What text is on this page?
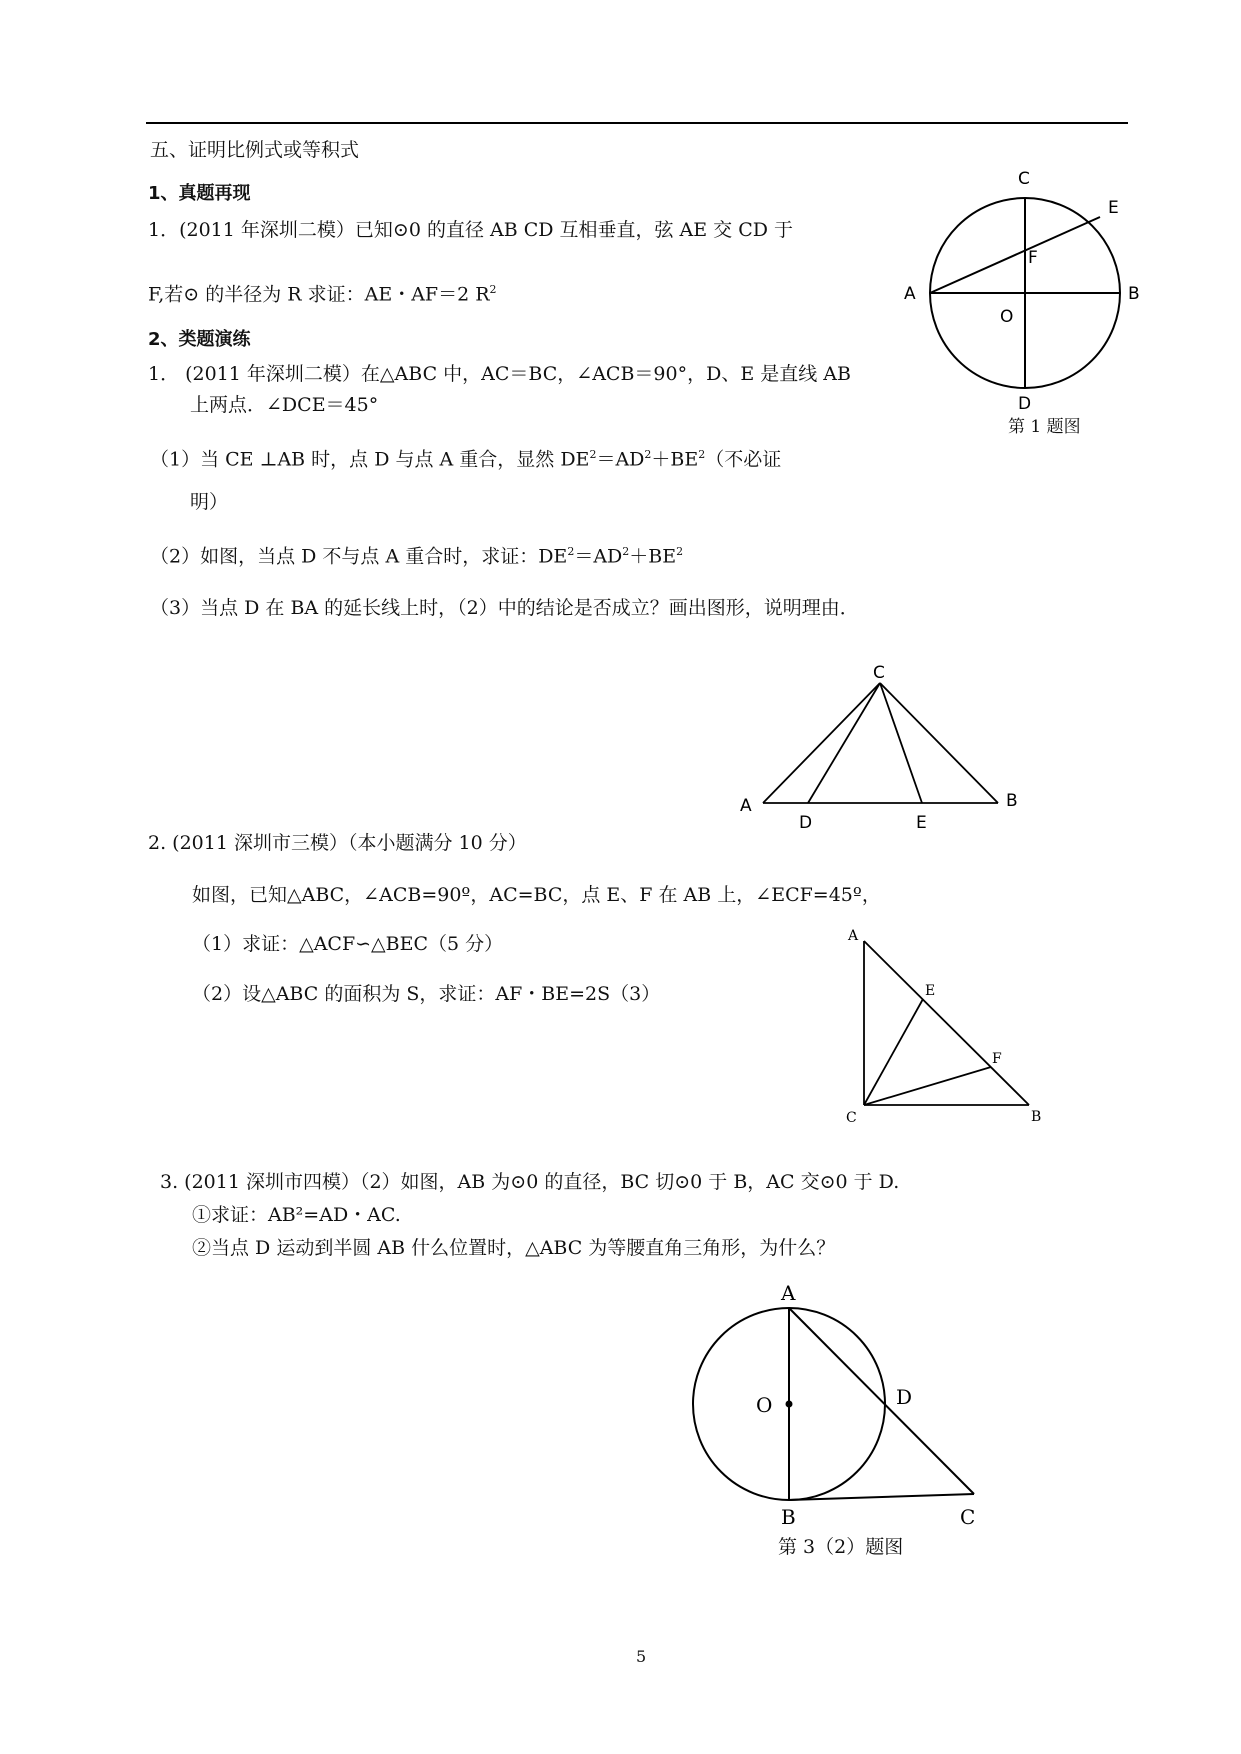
五、证明比例式或等积式
1、真题再现
1．(2011 年深圳二模）已知⊙0 的直径 AB CD 互相垂直，弦 AE 交 CD 于
F,若⊙ 的半径为 R 求证：AE・AF＝2 $R^2$
C
E
F
A	B
O
D
第 1 题图
2、类题演练
1． (2011 年深圳二模）在△ABC 中，AC＝BC，∠ACB＝90°，D、E 是直线 AB
上两点．∠DCE＝45°
（1）当 CE ⊥AB 时，点 D 与点 A 重合，显然 $DE^2=AD^2+BE^2$（不必证
明）
（2）如图，当点 D 不与点 A 重合时，求证：$DE^2=AD^2+BE^2$
（3）当点 D 在 BA 的延长线上时，（2）中的结论是否成立？画出图形，说明理由．
C
A
D	E
B
2. (2011 深圳市三模）（本小题满分 10 分）
如图，已知△ABC，∠ACB=90º，AC=BC，点 E、F 在 AB 上，∠ECF=45º，
（1）求证：△ACF∽△BEC（5 分）
（2）设△ABC 的面积为 S，求证：AF・BE=2S（3）
A
E
F
C	B
3. (2011 深圳市四模）（2）如图，AB 为⊙0 的直径，BC 切⊙0 于 B，AC 交⊙0 于 D.
①求证：AB²=AD・AC.
②当点 D 运动到半圆 AB 什么位置时，△ABC 为等腰直角三角形，为什么？
A
O	D
B	C
第 3（2）题图
5
